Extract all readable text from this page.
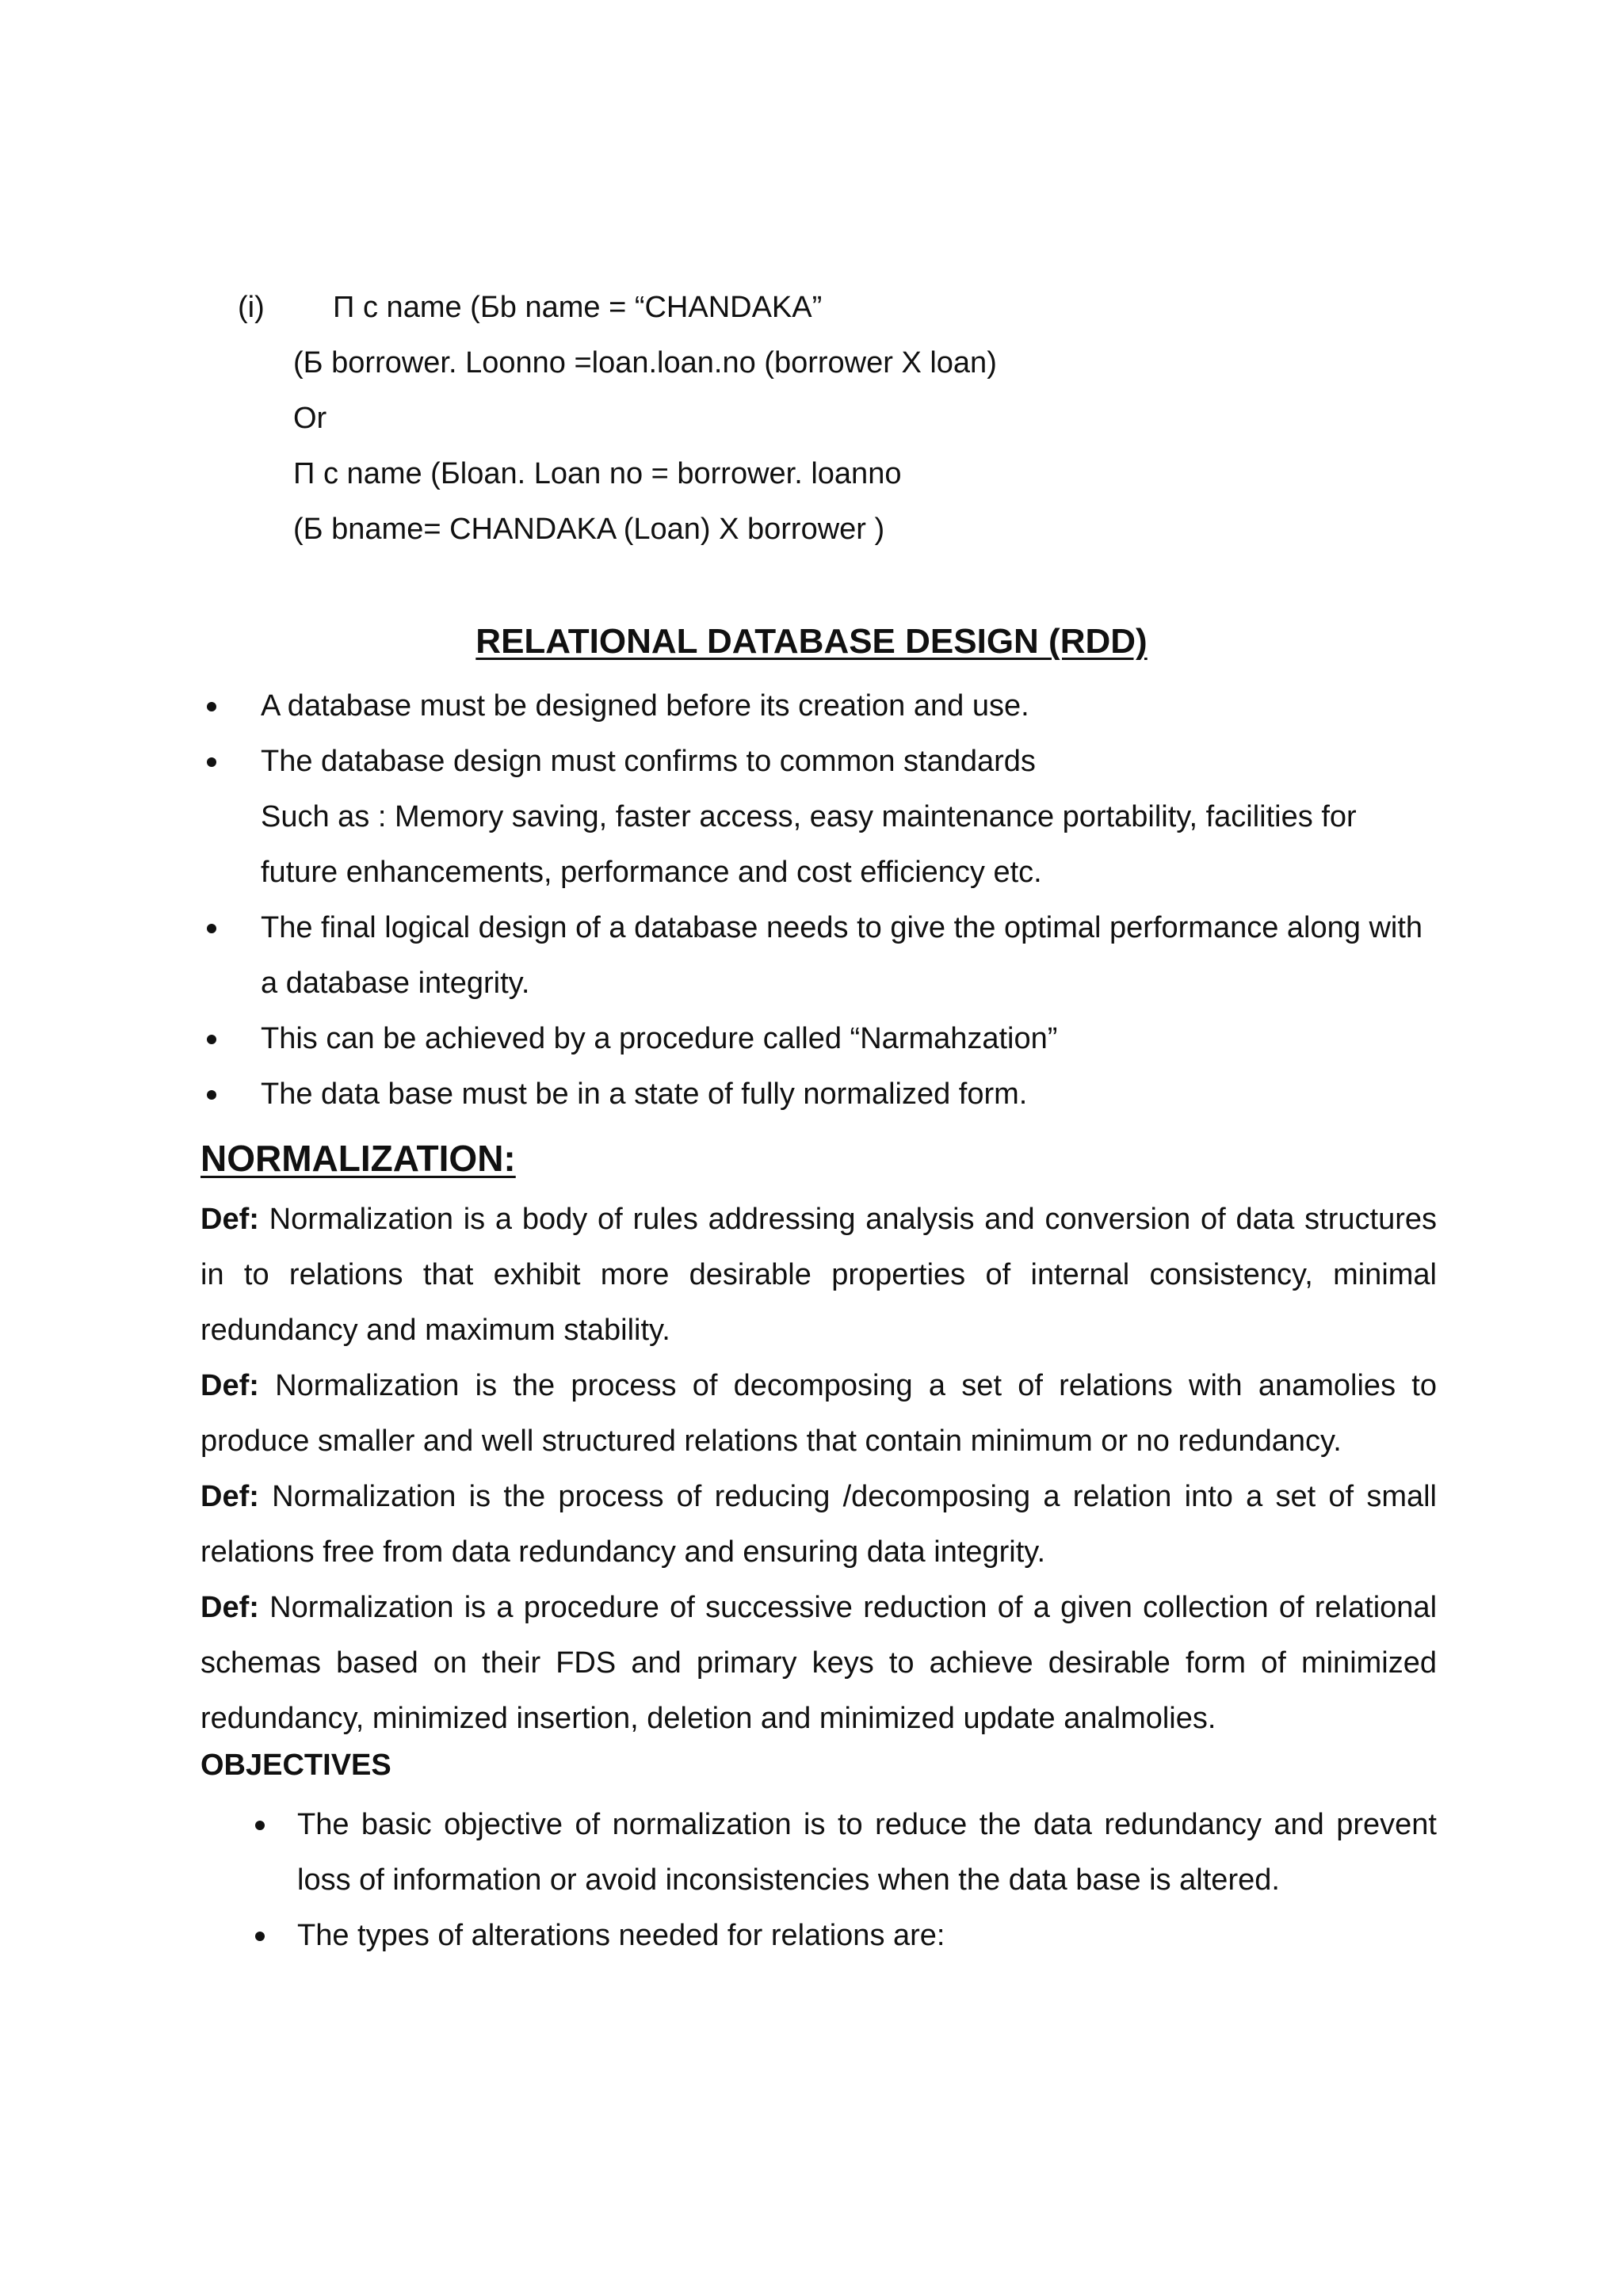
(i)

Π c name (Бb name = “CHANDAKA”

(Б borrower. Loonno =loan.loan.no (borrower X loan)
Or
Π c name (Бloan. Loan no = borrower. loanno
(Б bname= CHANDAKA (Loan) X borrower )
RELATIONAL DATABASE DESIGN (RDD)
A database must be designed before its creation and use.
The database design must confirms to common standards
Such as : Memory saving, faster access, easy maintenance portability, facilities for future enhancements, performance and cost efficiency etc.
The final logical design of a database needs to give the optimal performance along with a database integrity.
This can be achieved by a procedure called “Narmahzation”
The data base must be in a state of fully normalized form.
NORMALIZATION:
Def: Normalization is a body of rules addressing analysis and conversion of data structures in to relations that exhibit more desirable properties of internal consistency, minimal redundancy and maximum stability.
Def: Normalization is the process of decomposing a set of relations with anamolies to produce smaller and well structured relations that contain minimum or no redundancy.
Def: Normalization is the process of reducing /decomposing a relation into a set of small relations free from data redundancy and ensuring data integrity.
Def: Normalization is a procedure of successive reduction of a given collection of relational schemas based on their FDS and primary keys to achieve desirable form of minimized redundancy, minimized insertion, deletion and minimized update analmolies.
OBJECTIVES
The basic objective of normalization is to reduce the data redundancy and prevent loss of information or avoid inconsistencies when the data base is altered.
The types of alterations needed for relations are:
